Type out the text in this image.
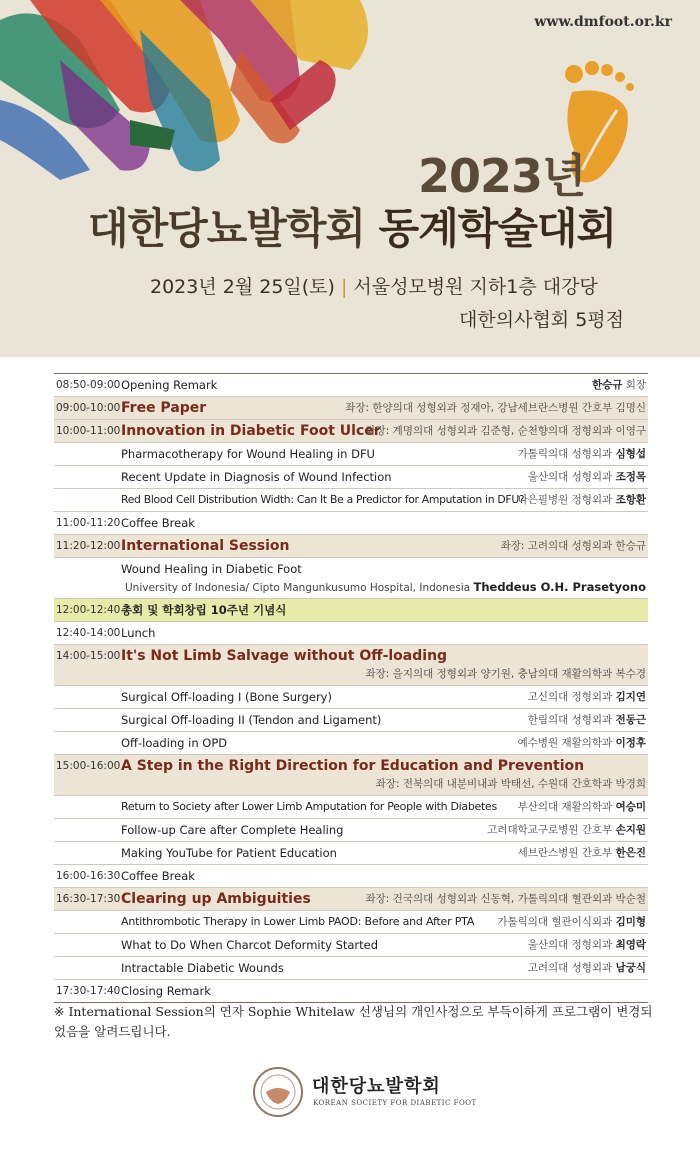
www.dmfoot.or.kr
2023년
대한당뇨발학회 동계학술대회
2023년 2월 25일(토) | 서울성모병원 지하1층 대강당
대한의사협회 5평점
08:50-09:00 Opening Remark	한승규 회장
09:00-10:00 Free Paper	좌장: 한양의대 성형외과 정재아, 강남세브란스병원 간호부 김명신
10:00-11:00 Innovation in Diabetic Foot Ulcer
좌장: 계명의대 성형외과 김준형, 순천향의대 정형외과 이영구
Pharmacotherapy for Wound Healing in DFU	가톨릭의대 성형외과 심형섭
Recent Update in Diagnosis of Wound Infection	울산의대 성형외과 조정목
Red Blood Cell Distribution Width: Can It Be a Predictor for Amputation in DFU?
나은필병원 정형외과 조항환
11:00-11:20 Coffee Break
11:20-12:00 International Session	좌장: 고려의대 성형외과 한승규
Wound Healing in Diabetic Foot
University of Indonesia/ Cipto Mangunkusumo Hospital, Indonesia Theddeus O.H. Prasetyono
12:00-12:40 총회 및 학회창립 10주년 기념식
12:40-14:00 Lunch
14:00-15:00 It's Not Limb Salvage without Off-loading
좌장: 을지의대 정형외과 양기원, 충남의대 재활의학과 복수경
Surgical Off-loading I (Bone Surgery)	고신의대 정형외과 김지연
Surgical Off-loading II (Tendon and Ligament)	한림의대 성형외과 전동근
Off-loading in OPD	예수병원 재활의학과 이정후
15:00-16:00 A Step in the Right Direction for Education and Prevention
좌장: 전북의대 내분비내과 박태선, 수원대 간호학과 박경희
Return to Society after Lower Limb Amputation for People with Diabetes 부산의대 재활의학과 여승미
Follow-up Care after Complete Healing	고려대학교구로병원 간호부 손지원
Making YouTube for Patient Education	세브란스병원 간호부 한은진
16:00-16:30 Coffee Break
16:30-17:30 Clearing up Ambiguities	좌장: 건국의대 성형외과 신동혁, 가톨릭의대 혈관외과 박순철
Antithrombotic Therapy in Lower Limb PAOD: Before and After PTA 가톨릭의대 혈관이식외과 김미형
What to Do When Charcot Deformity Started	울산의대 정형외과 최영락
Intractable Diabetic Wounds	고려의대 성형외과 남궁식
17:30-17:40 Closing Remark
※ International Session의 연자 Sophie Whitelaw 선생님의 개인사정으로 부득이하게 프로그램이 변경되었음을 알려드립니다.
대한당뇨발학회
KOREAN SOCIETY FOR DIABETIC FOOT
